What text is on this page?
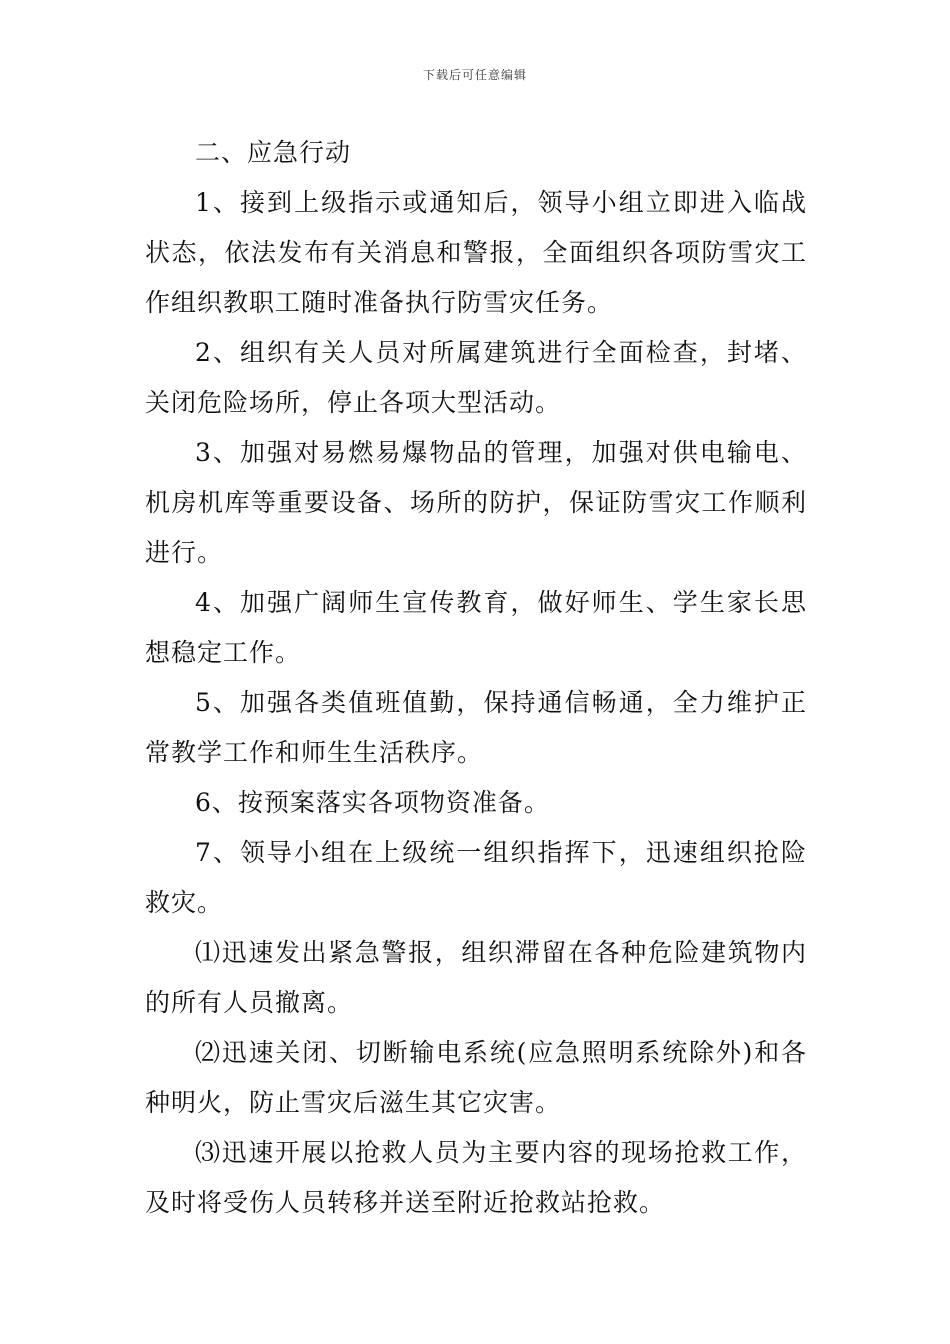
下载后可任意编辑

二、应急行动

1、接到上级指示或通知后，领导小组立即进入临战状态，依法发布有关消息和警报，全面组织各项防雪灾工作组织教职工随时准备执行防雪灾任务。

2、组织有关人员对所属建筑进行全面检查，封堵、关闭危险场所，停止各项大型活动。

3、加强对易燃易爆物品的管理，加强对供电输电、机房机库等重要设备、场所的防护，保证防雪灾工作顺利进行。

4、加强广阔师生宣传教育，做好师生、学生家长思想稳定工作。

5、加强各类值班值勤，保持通信畅通，全力维护正常教学工作和师生生活秩序。

6、按预案落实各项物资准备。

7、领导小组在上级统一组织指挥下，迅速组织抢险救灾。

⑴迅速发出紧急警报，组织滞留在各种危险建筑物内的所有人员撤离。

⑵迅速关闭、切断输电系统(应急照明系统除外)和各种明火，防止雪灾后滋生其它灾害。

⑶迅速开展以抢救人员为主要内容的现场抢救工作，及时将受伤人员转移并送至附近抢救站抢救。
